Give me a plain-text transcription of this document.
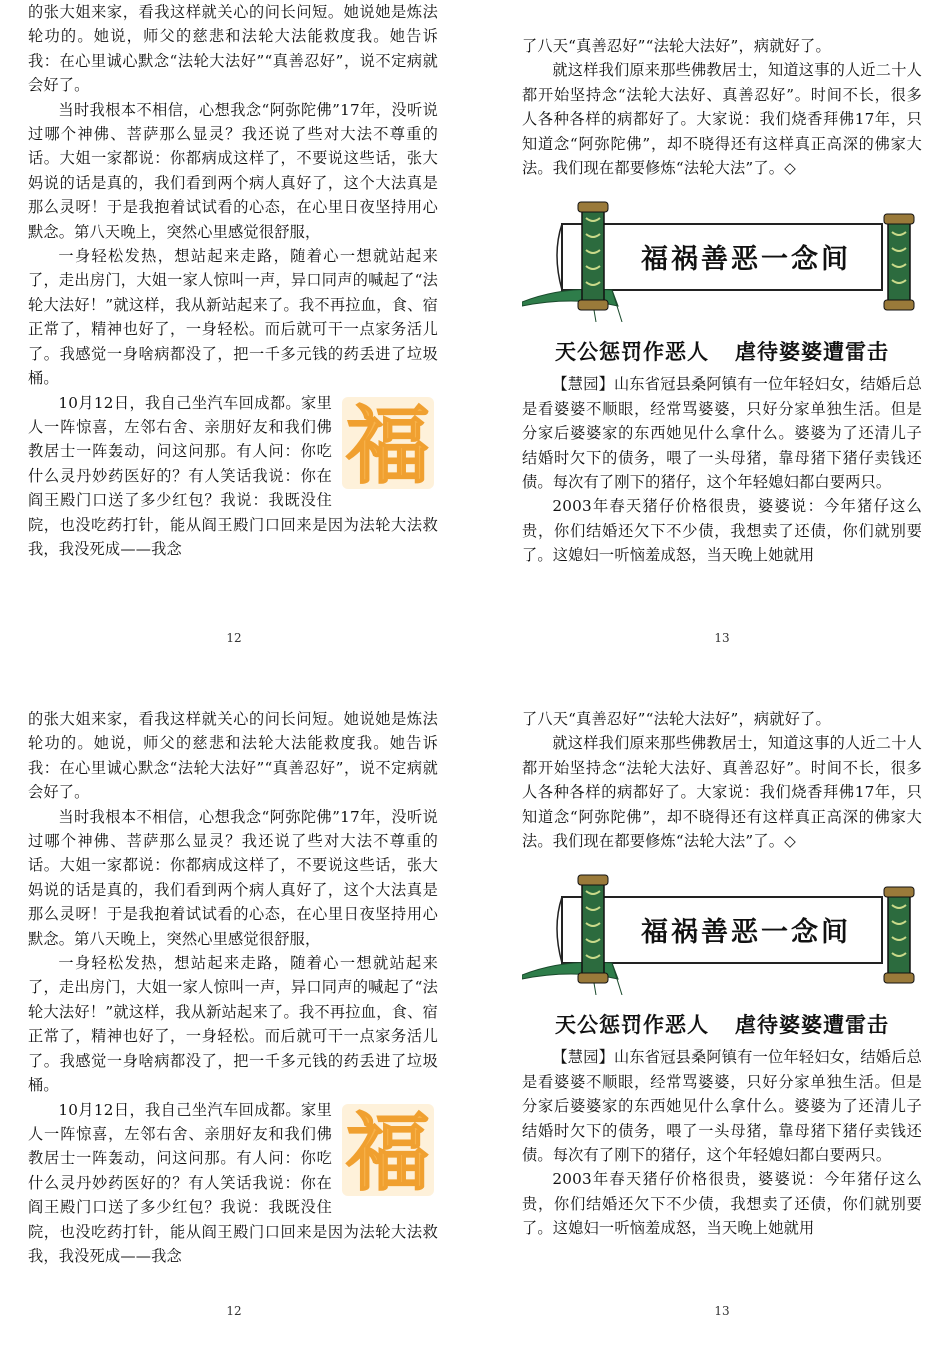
的张大姐来家，看我这样就关心的问长问短。她说她是炼法轮功的。她说，师父的慈悲和法轮大法能救度我。她告诉我：在心里诚心默念“法轮大法好”“真善忍好”，说不定病就会好了。

当时我根本不相信，心想我念“阿弥陀佛”17年，没听说过哪个神佛、菩萨那么显灵？我还说了些对大法不尊重的话。大姐一家都说：你都病成这样了，不要说这些话，张大妈说的话是真的，我们看到两个病人真好了，这个大法真是那么灵呀！于是我抱着试试看的心态，在心里日夜坚持用心默念。第八天晚上，突然心里感觉很舒服，

一身轻松发热，想站起来走路，随着心一想就站起来了，走出房门，大姐一家人惊叫一声，异口同声的喊起了“法轮大法好！”就这样，我从新站起来了。我不再拉血，食、宿正常了，精神也好了，一身轻松。而后就可干一点家务活儿了。我感觉一身啥病都没了，把一千多元钱的药丢进了垃圾桶。

福
10月12日，我自己坐汽车回成都。家里人一阵惊喜，左邻右舍、亲朋好友和我们佛教居士一阵轰动，问这问那。有人问：你吃什么灵丹妙药医好的？有人笑话我说：你在阎王殿门口送了多少红包？我说：我既没住院，也没吃药打针，能从阎王殿门口回来是因为法轮大法救我，我没死成——我念

12

了八天“真善忍好”“法轮大法好”，病就好了。

就这样我们原来那些佛教居士，知道这事的人近二十人都开始坚持念“法轮大法好、真善忍好”。时间不长，很多人各种各样的病都好了。大家说：我们烧香拜佛17年，只知道念“阿弥陀佛”，却不晓得还有这样真正高深的佛家大法。我们现在都要修炼“法轮大法”了。◇

福祸善恶一念间
天公惩罚作恶人 虐待婆婆遭雷击

【慧园】山东省冠县桑阿镇有一位年轻妇女，结婚后总是看婆婆不顺眼，经常骂婆婆，只好分家单独生活。但是分家后婆婆家的东西她见什么拿什么。婆婆为了还清儿子结婚时欠下的债务，喂了一头母猪，靠母猪下猪仔卖钱还债。每次有了刚下的猪仔，这个年轻媳妇都白要两只。

2003年春天猪仔价格很贵，婆婆说：今年猪仔这么贵，你们结婚还欠下不少债，我想卖了还债，你们就别要了。这媳妇一听恼羞成怒，当天晚上她就用

13

的张大姐来家，看我这样就关心的问长问短。她说她是炼法轮功的。她说，师父的慈悲和法轮大法能救度我。她告诉我：在心里诚心默念“法轮大法好”“真善忍好”，说不定病就会好了。

当时我根本不相信，心想我念“阿弥陀佛”17年，没听说过哪个神佛、菩萨那么显灵？我还说了些对大法不尊重的话。大姐一家都说：你都病成这样了，不要说这些话，张大妈说的话是真的，我们看到两个病人真好了，这个大法真是那么灵呀！于是我抱着试试看的心态，在心里日夜坚持用心默念。第八天晚上，突然心里感觉很舒服，

一身轻松发热，想站起来走路，随着心一想就站起来了，走出房门，大姐一家人惊叫一声，异口同声的喊起了“法轮大法好！”就这样，我从新站起来了。我不再拉血，食、宿正常了，精神也好了，一身轻松。而后就可干一点家务活儿了。我感觉一身啥病都没了，把一千多元钱的药丢进了垃圾桶。

福
10月12日，我自己坐汽车回成都。家里人一阵惊喜，左邻右舍、亲朋好友和我们佛教居士一阵轰动，问这问那。有人问：你吃什么灵丹妙药医好的？有人笑话我说：你在阎王殿门口送了多少红包？我说：我既没住院，也没吃药打针，能从阎王殿门口回来是因为法轮大法救我，我没死成——我念

12

了八天“真善忍好”“法轮大法好”，病就好了。

就这样我们原来那些佛教居士，知道这事的人近二十人都开始坚持念“法轮大法好、真善忍好”。时间不长，很多人各种各样的病都好了。大家说：我们烧香拜佛17年，只知道念“阿弥陀佛”，却不晓得还有这样真正高深的佛家大法。我们现在都要修炼“法轮大法”了。◇

福祸善恶一念间
天公惩罚作恶人 虐待婆婆遭雷击

【慧园】山东省冠县桑阿镇有一位年轻妇女，结婚后总是看婆婆不顺眼，经常骂婆婆，只好分家单独生活。但是分家后婆婆家的东西她见什么拿什么。婆婆为了还清儿子结婚时欠下的债务，喂了一头母猪，靠母猪下猪仔卖钱还债。每次有了刚下的猪仔，这个年轻媳妇都白要两只。

2003年春天猪仔价格很贵，婆婆说：今年猪仔这么贵，你们结婚还欠下不少债，我想卖了还债，你们就别要了。这媳妇一听恼羞成怒，当天晚上她就用

13
